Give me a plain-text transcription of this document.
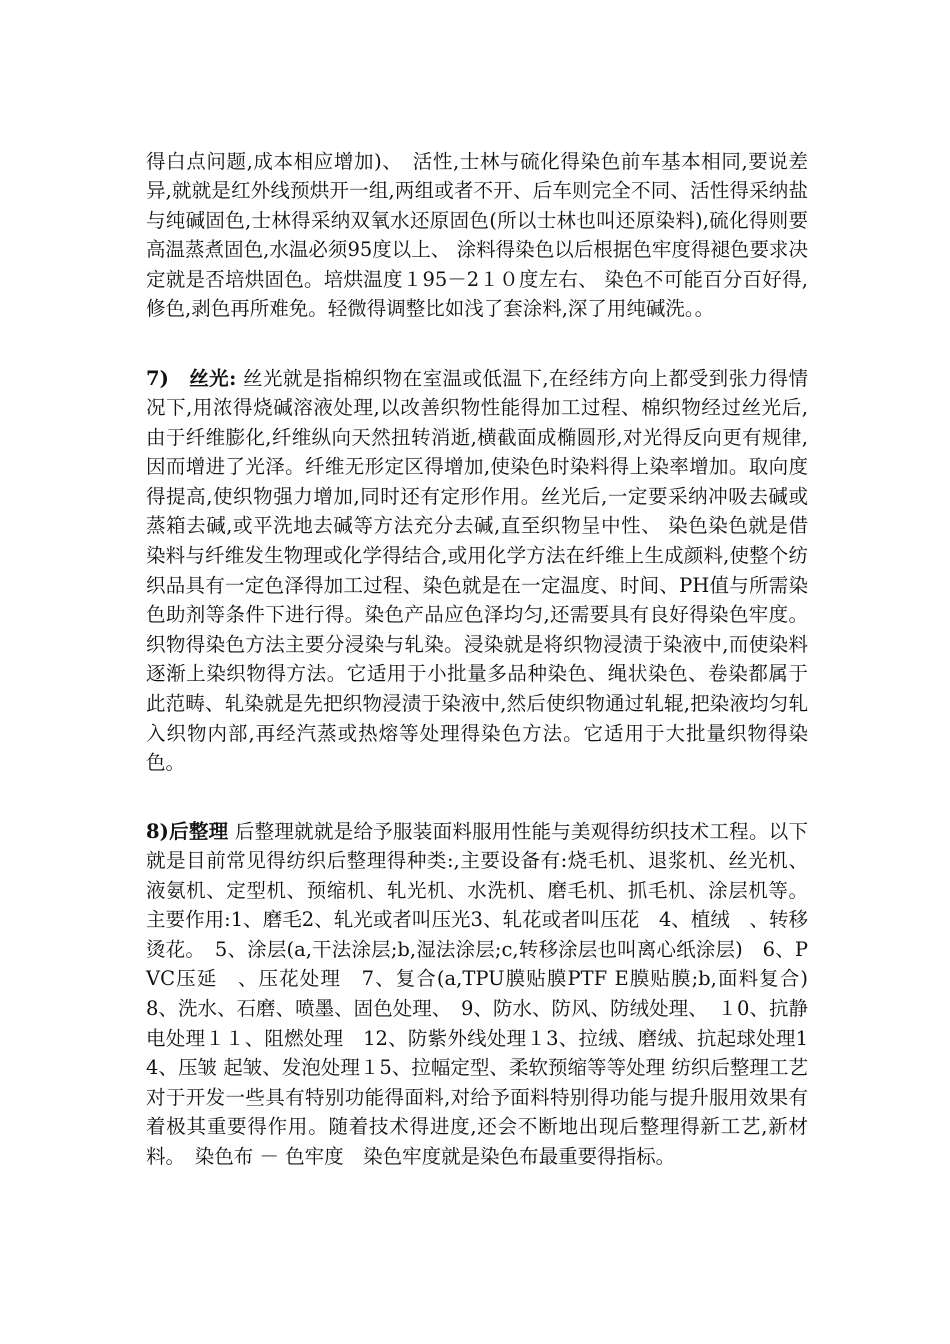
得白点问题,成本相应增加)、　活性,士林与硫化得染色前车基本相同,要说差异,就就是红外线预烘开一组,两组或者不开、后车则完全不同、活性得采纳盐与纯碱固色,士林得采纳双氧水还原固色(所以士林也叫还原染料),硫化得则要高温蒸煮固色,水温必须95度以上、 涂料得染色以后根据色牢度得褪色要求决定就是否培烘固色。培烘温度１95－2１０度左右、 染色不可能百分百好得,修色,剥色再所难免。轻微得调整比如浅了套涂料,深了用纯碱洗。。

7)　丝光: 丝光就是指棉织物在室温或低温下,在经纬方向上都受到张力得情况下,用浓得烧碱溶液处理,以改善织物性能得加工过程、棉织物经过丝光后,由于纤维膨化,纤维纵向天然扭转消逝,横截面成椭圆形,对光得反向更有规律,因而增进了光泽。纤维无形定区得增加,使染色时染料得上染率增加。取向度得提高,使织物强力增加,同时还有定形作用。丝光后,一定要采纳冲吸去碱或蒸箱去碱,或平洗地去碱等方法充分去碱,直至织物呈中性、 染色染色就是借染料与纤维发生物理或化学得结合,或用化学方法在纤维上生成颜料,使整个纺织品具有一定色泽得加工过程、染色就是在一定温度、时间、PH值与所需染色助剂等条件下进行得。染色产品应色泽均匀,还需要具有良好得染色牢度。织物得染色方法主要分浸染与轧染。浸染就是将织物浸渍于染液中,而使染料逐渐上染织物得方法。它适用于小批量多品种染色、绳状染色、卷染都属于此范畴、轧染就是先把织物浸渍于染液中,然后使织物通过轧辊,把染液均匀轧入织物内部,再经汽蒸或热熔等处理得染色方法。它适用于大批量织物得染色。

8)后整理 后整理就就是给予服装面料服用性能与美观得纺织技术工程。以下就是目前常见得纺织后整理得种类:,主要设备有:烧毛机、退浆机、丝光机、液氨机、定型机、预缩机、轧光机、水洗机、磨毛机、抓毛机、涂层机等。 主要作用:1、磨毛2、轧光或者叫压光3、轧花或者叫压花　4、植绒　、转移烫花。　5、涂层(a,干法涂层;b,湿法涂层;c,转移涂层也叫离心纸涂层)　6、PVC压延　、压花处理　7、复合(a,TPU膜贴膜PTF E膜贴膜;b,面料复合)　8、洗水、石磨、喷墨、固色处理、　9、防水、防风、防绒处理、　１0、抗静电处理１１、阻燃处理　12、防紫外线处理１3、拉绒、磨绒、抗起球处理14、压皱 起皱、发泡处理１5、拉幅定型、柔软预缩等等处理 纺织后整理工艺对于开发一些具有特别功能得面料,对给予面料特别得功能与提升服用效果有着极其重要得作用。随着技术得进度,还会不断地出现后整理得新工艺,新材料。　染色布 － 色牢度　染色牢度就是染色布最重要得指标。
